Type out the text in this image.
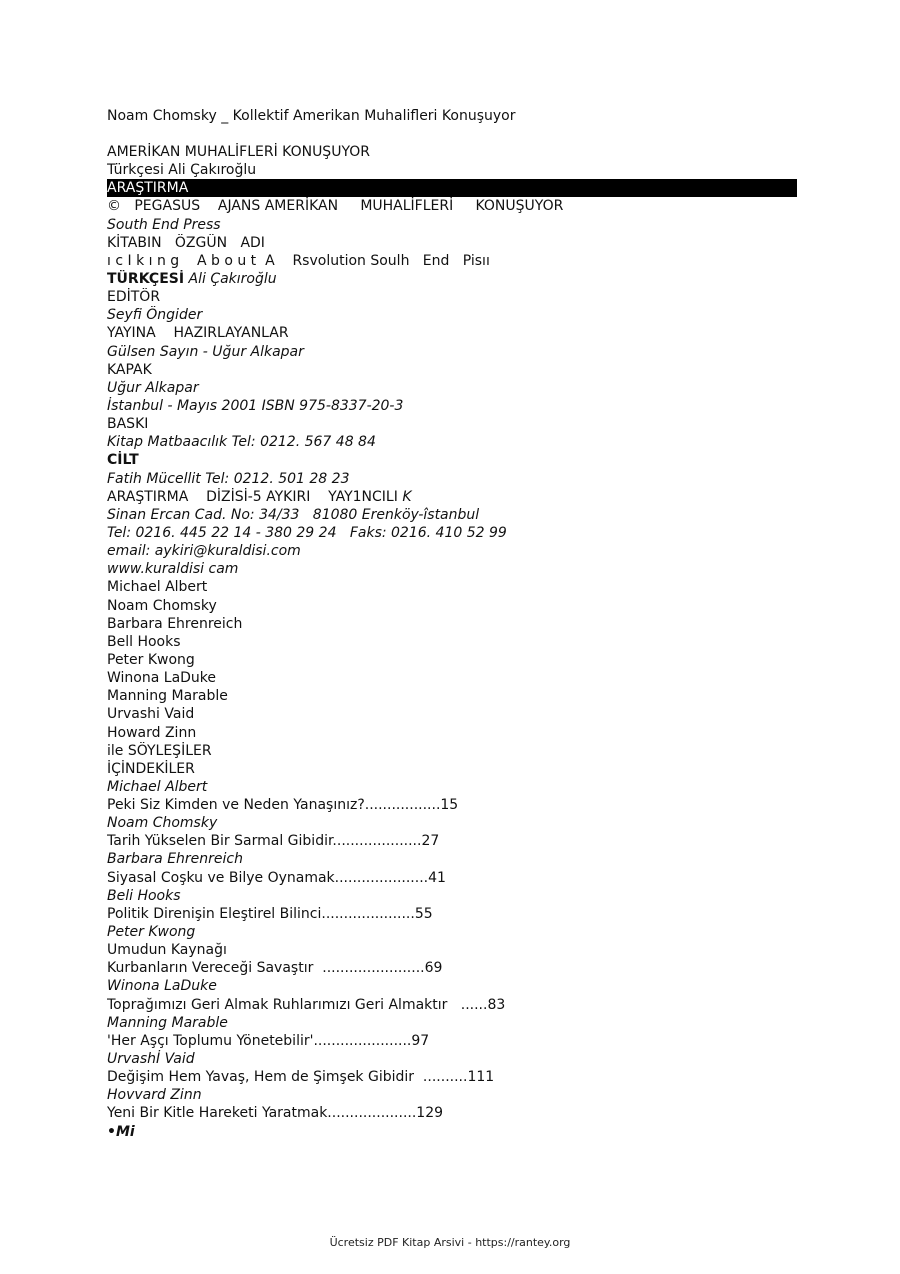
Noam Chomsky _ Kollektif Amerikan Muhalifleri Konuşuyor
AMERİKAN MUHALİFLERİ KONUŞUYOR
Türkçesi Ali Çakıroğlu
ARAŞTIRMA
©   PEGASUS    AJANS AMERİKAN     MUHALİFLERİ     KONUŞUYOR
South End Press
KİTABIN   ÖZGÜN   ADI
ı c I k ı n g    A b o u t  A    Rsvolution Soulh   End   Pisıı
TÜRKÇESİ Ali Çakıroğlu
EDİTÖR
Seyfi Öngider
YAYINA    HAZIRLAYANLAR
Gülsen Sayın - Uğur Alkapar
KAPAK
Uğur Alkapar
İstanbul - Mayıs 2001 ISBN 975-8337-20-3
BASKI
Kitap Matbaacılık Tel: 0212. 567 48 84
CİLT
Fatih Mücellit Tel: 0212. 501 28 23
ARAŞTIRMA    DİZİSİ-5 AYKIRI    YAY1NCILI K
Sinan Ercan Cad. No: 34/33   81080 Erenköy-îstanbul
Tel: 0216. 445 22 14 - 380 29 24   Faks: 0216. 410 52 99
email: aykiri@kuraldisi.com
www.kuraldisi cam
Michael Albert
Noam Chomsky
Barbara Ehrenreich
Bell Hooks
Peter Kwong
Winona LaDuke
Manning Marable
Urvashi Vaid
Howard Zinn
ile SÖYLEŞİLER
İÇİNDEKİLER
Michael Albert
Peki Siz Kimden ve Neden Yanaşınız?.................15
Noam Chomsky
Tarih Yükselen Bir Sarmal Gibidir....................27
Barbara Ehrenreich
Siyasal Coşku ve Bilye Oynamak.....................41
Beli Hooks
Politik Direnişin Eleştirel Bilinci.....................55
Peter Kwong
Umudun Kaynağı
Kurbanların Vereceği Savaştır  .......................69
Winona LaDuke
Toprağımızı Geri Almak Ruhlarımızı Geri Almaktır   ......83
Manning Marable
'Her Aşçı Toplumu Yönetebilir'......................97
Urvashİ Vaid
Değişim Hem Yavaş, Hem de Şimşek Gibidir  ..........111
Hovvard Zinn
Yeni Bir Kitle Hareketi Yaratmak....................129
•Mi
Ücretsiz PDF Kitap Arsivi - https://rantey.org
